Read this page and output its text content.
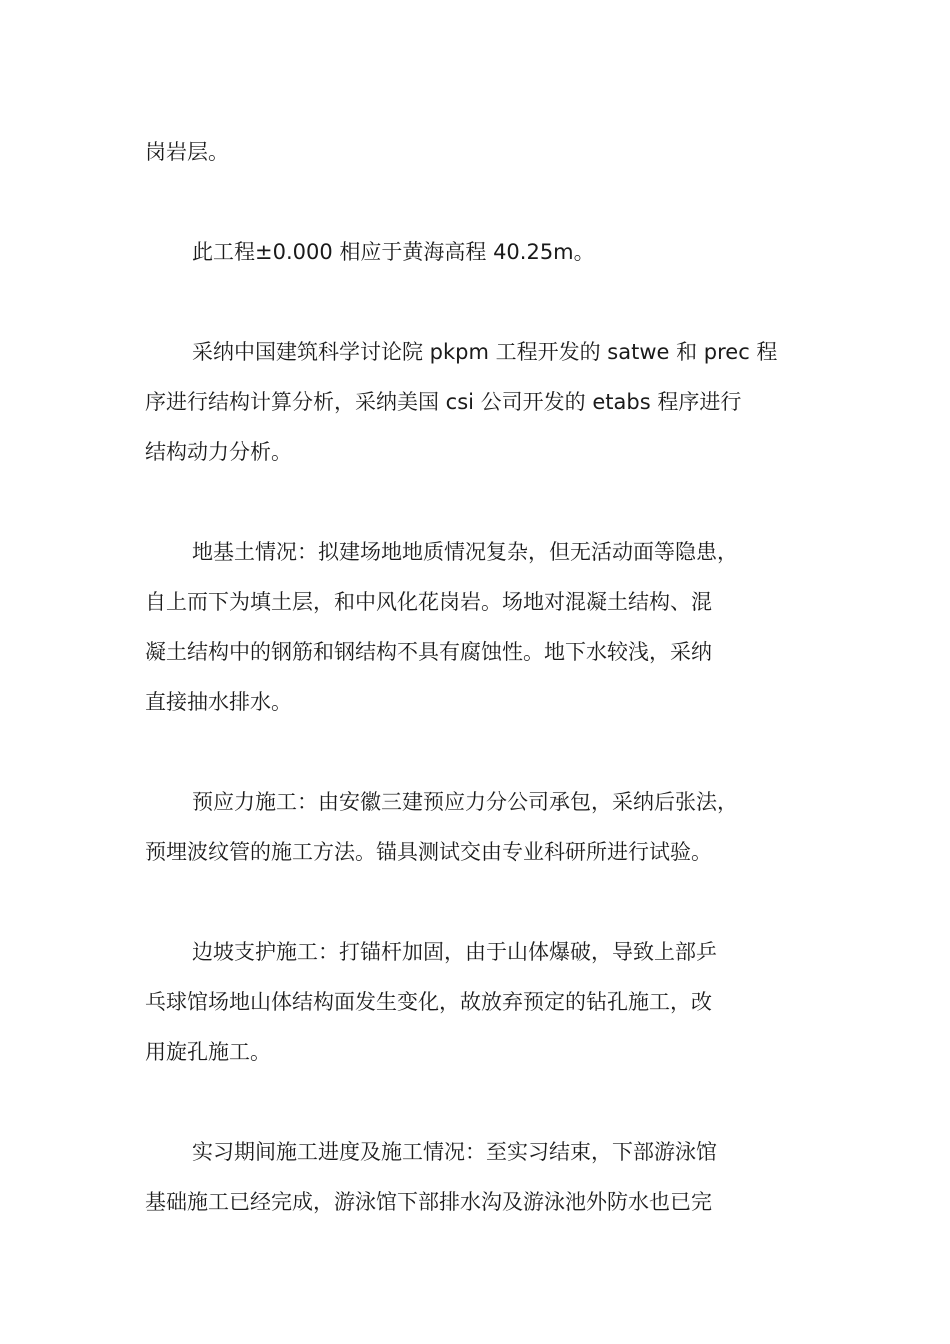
岗岩层。

此工程±0.000 相应于黄海高程 40.25m。

采纳中国建筑科学讨论院 pkpm 工程开发的 satwe 和 prec 程
序进行结构计算分析，采纳美国 csi 公司开发的 etabs 程序进行
结构动力分析。

地基土情况：拟建场地地质情况复杂，但无活动面等隐患，
自上而下为填土层，和中风化花岗岩。场地对混凝土结构、混
凝土结构中的钢筋和钢结构不具有腐蚀性。地下水较浅，采纳
直接抽水排水。

预应力施工：由安徽三建预应力分公司承包，采纳后张法，
预埋波纹管的施工方法。锚具测试交由专业科研所进行试验。

边坡支护施工：打锚杆加固，由于山体爆破，导致上部乒
乓球馆场地山体结构面发生变化，故放弃预定的钻孔施工，改
用旋孔施工。

实习期间施工进度及施工情况：至实习结束，下部游泳馆
基础施工已经完成，游泳馆下部排水沟及游泳池外防水也已完
